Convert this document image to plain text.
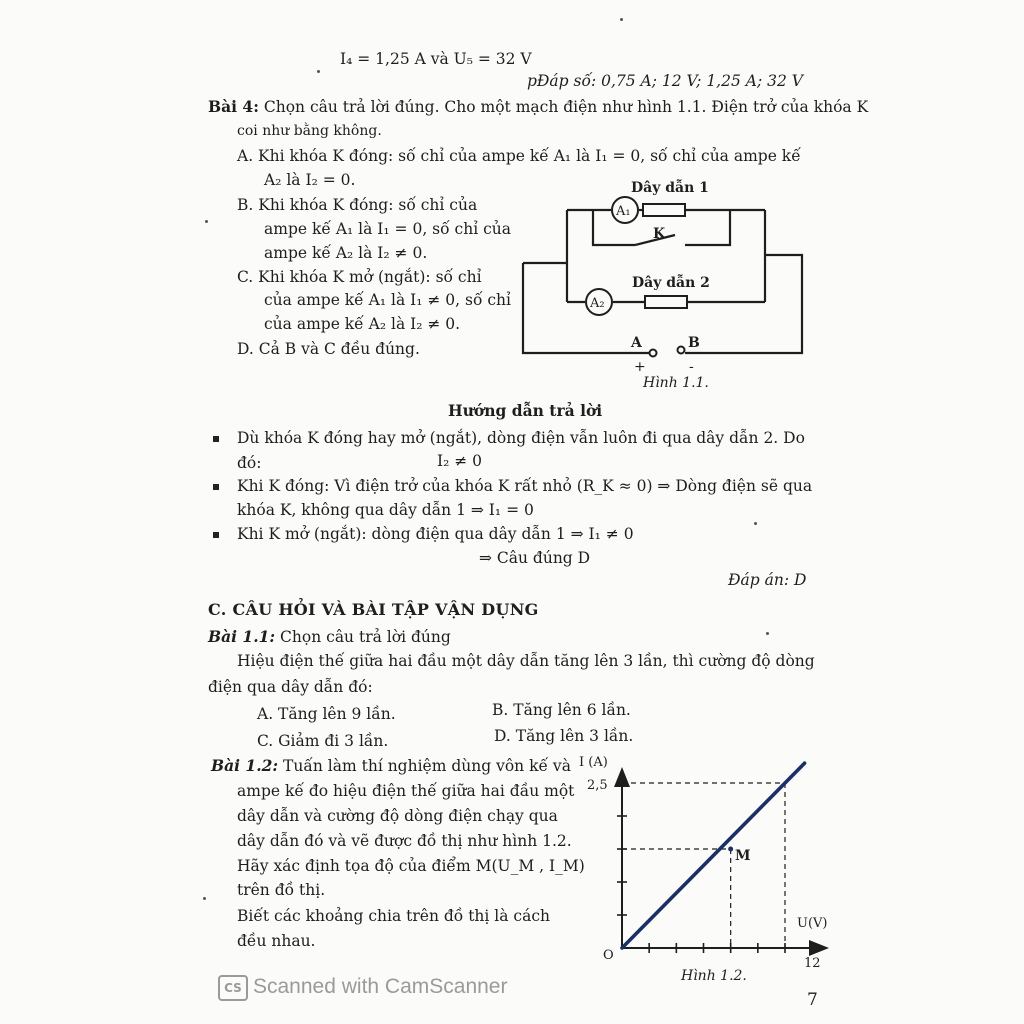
I₄ = 1,25 A và U₅ = 32 V
pĐáp số: 0,75 A; 12 V; 1,25 A; 32 V
Bài 4: Chọn câu trả lời đúng. Cho một mạch điện như hình 1.1. Điện trở của khóa K
coi như bằng không.
A. Khi khóa K đóng: số chỉ của ampe kế A₁ là I₁ = 0, số chỉ của ampe kế
A₂ là I₂ = 0.
B. Khi khóa K đóng: số chỉ của
ampe kế A₁ là I₁ = 0, số chỉ của
ampe kế A₂ là I₂ ≠ 0.
C. Khi khóa K mở (ngắt): số chỉ
của ampe kế A₁ là I₁ ≠ 0, số chỉ
của ampe kế A₂ là I₂ ≠ 0.
D. Cả B và C đều đúng.
A₁
A₂
Dây dẫn 1
Dây dẫn 2
K
A	B
+	-
Hình 1.1.
Hướng dẫn trả lời
Dù khóa K đóng hay mở (ngắt), dòng điện vẫn luôn đi qua dây dẫn 2. Do
đó:	I₂ ≠ 0
Khi K đóng: Vì điện trở của khóa K rất nhỏ (R_K ≈ 0) ⇒ Dòng điện sẽ qua
khóa K, không qua dây dẫn 1 ⇒ I₁ = 0
Khi K mở (ngắt): dòng điện qua dây dẫn 1 ⇒ I₁ ≠ 0
⇒ Câu đúng D
Đáp án: D
C. CÂU HỎI VÀ BÀI TẬP VẬN DỤNG
Bài 1.1: Chọn câu trả lời đúng
Hiệu điện thế giữa hai đầu một dây dẫn tăng lên 3 lần, thì cường độ dòng
điện qua dây dẫn đó:
A. Tăng lên 9 lần.	B. Tăng lên 6 lần.
C. Giảm đi 3 lần.	D. Tăng lên 3 lần.
Bài 1.2: Tuấn làm thí nghiệm dùng vôn kế và
ampe kế đo hiệu điện thế giữa hai đầu một
dây dẫn và cường độ dòng điện chạy qua
dây dẫn đó và vẽ được đồ thị như hình 1.2.
Hãy xác định tọa độ của điểm M(U_M , I_M)
trên đồ thị.
Biết các khoảng chia trên đồ thị là cách
đều nhau.
I (A)
2,5
U(V)
12
O
M
Hình 1.2.
CS Scanned with CamScanner
7
